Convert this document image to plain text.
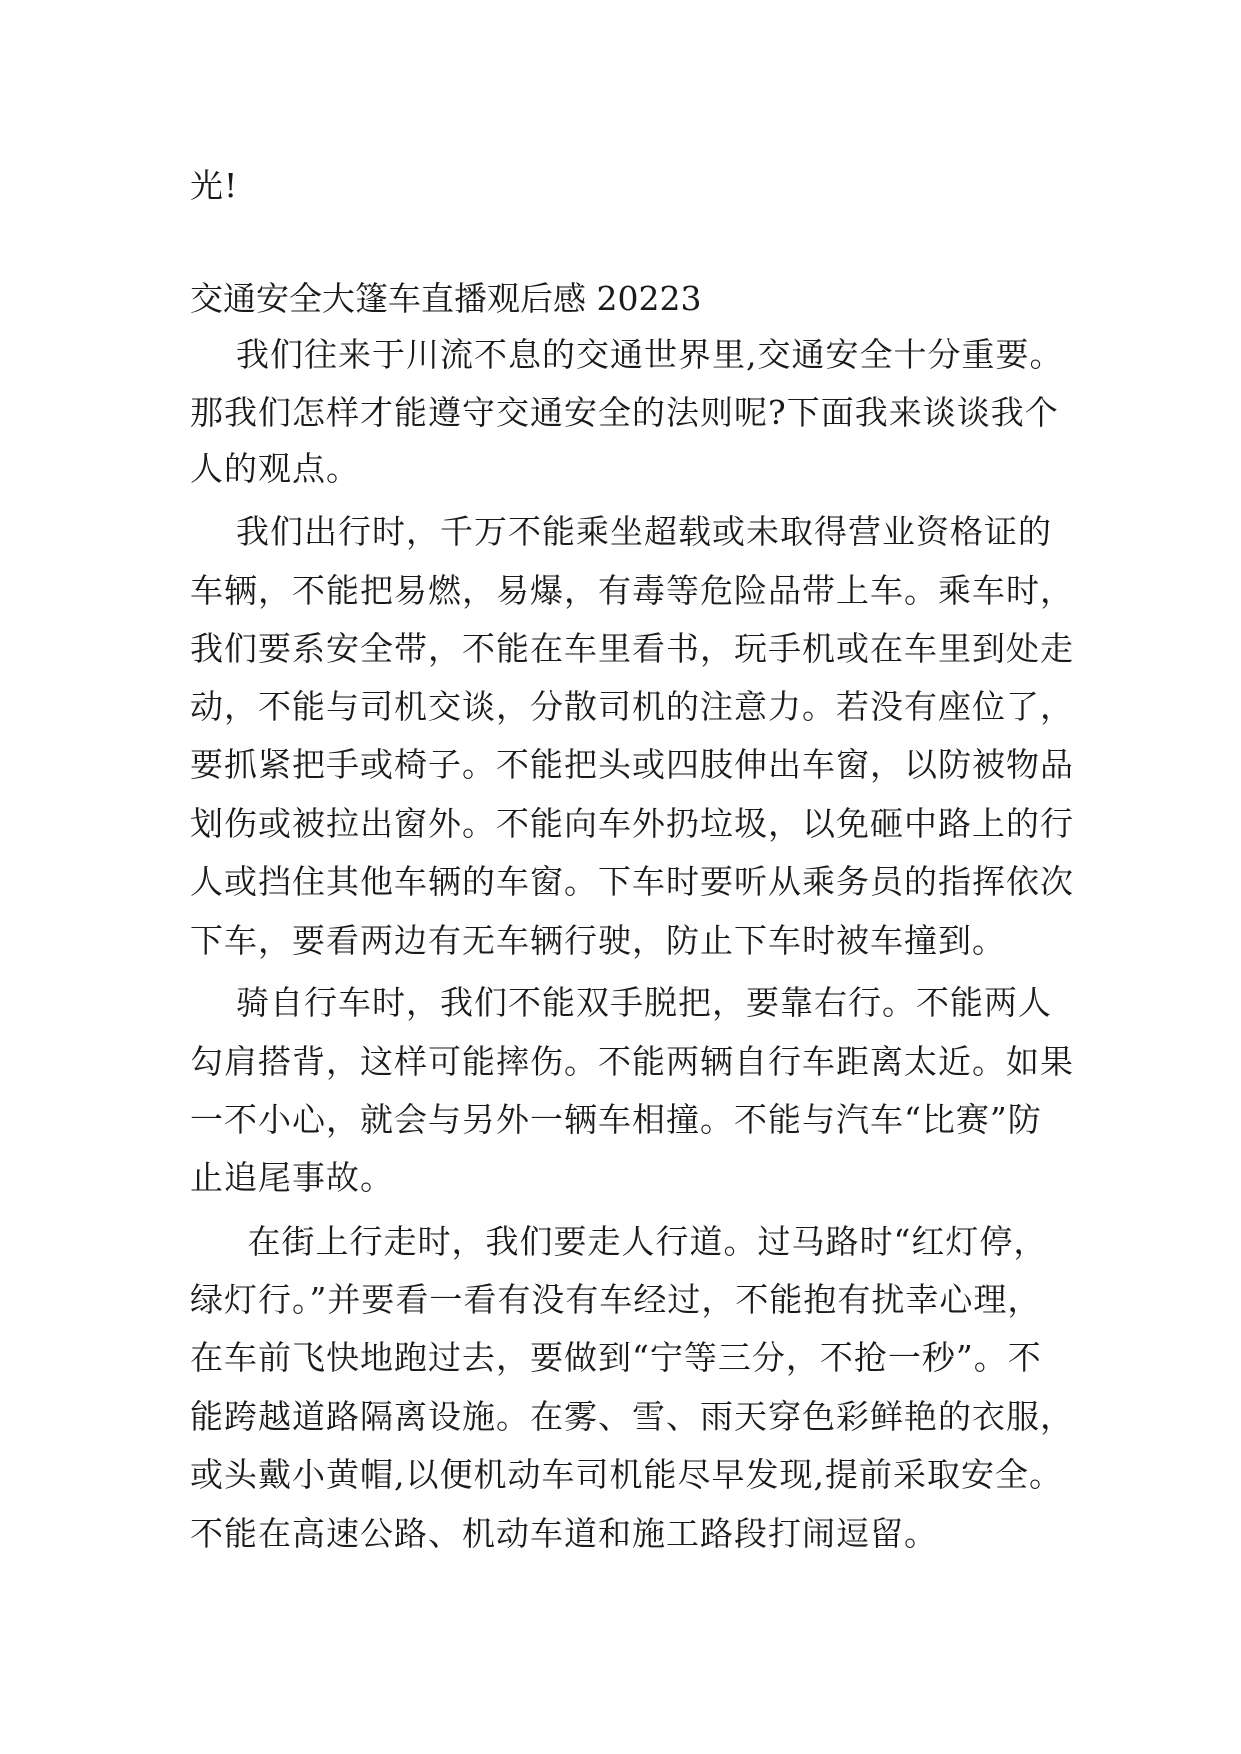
光!

交通安全大篷车直播观后感 20223

我们往来于川流不息的交通世界里,交通安全十分重要。

那我们怎样才能遵守交通安全的法则呢?下面我来谈谈我个

人的观点。

我们出行时，千万不能乘坐超载或未取得营业资格证的

车辆，不能把易燃，易爆，有毒等危险品带上车。乘车时，

我们要系安全带，不能在车里看书，玩手机或在车里到处走

动，不能与司机交谈，分散司机的注意力。若没有座位了，

要抓紧把手或椅子。不能把头或四肢伸出车窗，以防被物品

划伤或被拉出窗外。不能向车外扔垃圾，以免砸中路上的行

人或挡住其他车辆的车窗。下车时要听从乘务员的指挥依次

下车，要看两边有无车辆行驶，防止下车时被车撞到。

骑自行车时，我们不能双手脱把，要靠右行。不能两人

勾肩搭背，这样可能摔伤。不能两辆自行车距离太近。如果

一不小心，就会与另外一辆车相撞。不能与汽车“比赛”防

止追尾事故。

在街上行走时，我们要走人行道。过马路时“红灯停，

绿灯行。”并要看一看有没有车经过，不能抱有扰幸心理，

在车前飞快地跑过去，要做到“宁等三分，不抢一秒”。不

能跨越道路隔离设施。在雾、雪、雨天穿色彩鲜艳的衣服，

或头戴小黄帽,以便机动车司机能尽早发现,提前采取安全。

不能在高速公路、机动车道和施工路段打闹逗留。
